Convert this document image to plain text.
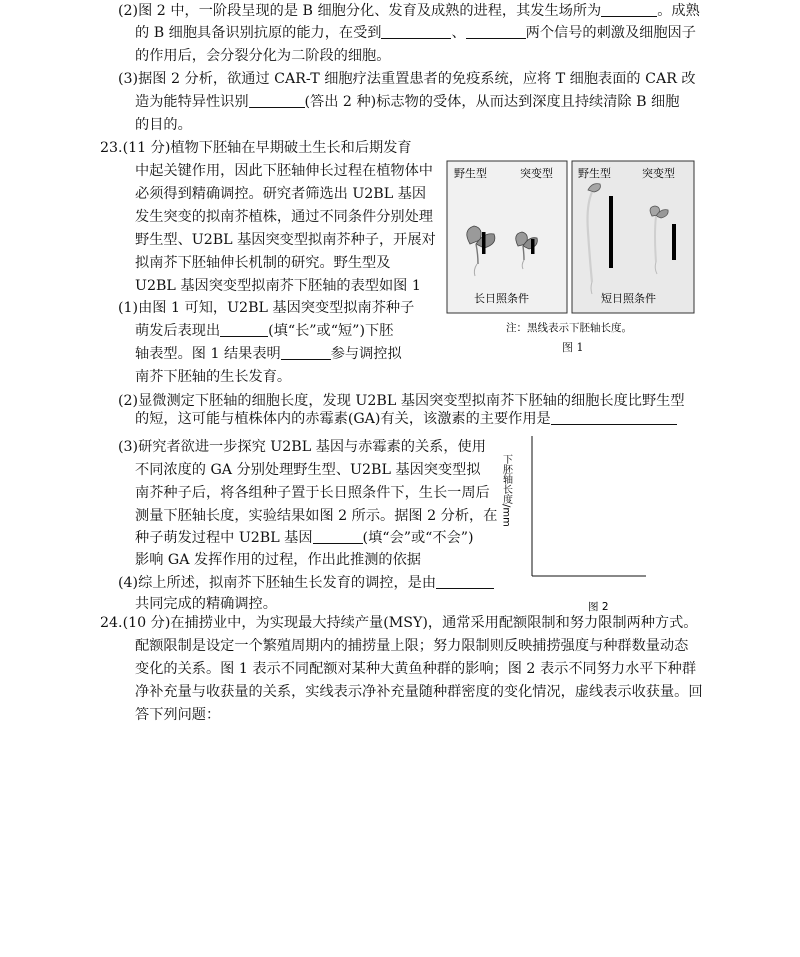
(2)图 2 中，一阶段呈现的是 B 细胞分化、发育及成熟的进程，其发生场所为	。成熟
的 B 细胞具备识别抗原的能力，在受到	、	两个信号的刺激及细胞因子
的作用后，会分裂分化为二阶段的细胞。
(3)据图 2 分析，欲通过 CAR-T 细胞疗法重置患者的免疫系统，应将 T 细胞表面的 CAR 改
造为能特异性识别	(答出 2 种)标志物的受体，从而达到深度且持续清除 B 细胞
的目的。
23.(11 分)植物下胚轴在早期破土生长和后期发育
中起关键作用，因此下胚轴伸长过程在植物体中
必须得到精确调控。研究者筛选出 U2BL 基因
发生突变的拟南芥植株，通过不同条件分别处理
野生型、U2BL 基因突变型拟南芥种子，开展对
拟南芥下胚轴伸长机制的研究。野生型及
U2BL 基因突变型拟南芥下胚轴的表型如图 1
(1)由图 1 可知，U2BL 基因突变型拟南芥种子
萌发后表现出	(填“长”或“短”)下胚
轴表型。图 1 结果表明	参与调控拟
南芥下胚轴的生长发育。
(2)显微测定下胚轴的细胞长度，发现 U2BL 基因突变型拟南芥下胚轴的细胞长度比野生型
的短，这可能与植株体内的赤霉素(GA)有关，该激素的主要作用是
(3)研究者欲进一步探究 U2BL 基因与赤霉素的关系，使用
不同浓度的 GA 分别处理野生型、U2BL 基因突变型拟
南芥种子后，将各组种子置于长日照条件下，生长一周后
测量下胚轴长度，实验结果如图 2 所示。据图 2 分析，在
种子萌发过程中 U2BL 基因	(填“会”或“不会”)
影响 GA 发挥作用的过程，作出此推测的依据
(4)综上所述，拟南芥下胚轴生长发育的调控，是由
共同完成的精确调控。
野生型	突变型 野生型	突变型
长日照条件	短日照条件
注：黑线表示下胚轴长度。
图 1
下胚轴长度/mm
图 2
24.(10 分)在捕捞业中，为实现最大持续产量(MSY)，通常采用配额限制和努力限制两种方式。
配额限制是设定一个繁殖周期内的捕捞量上限；努力限制则反映捕捞强度与种群数量动态
变化的关系。图 1 表示不同配额对某种大黄鱼种群的影响；图 2 表示不同努力水平下种群
净补充量与收获量的关系，实线表示净补充量随种群密度的变化情况，虚线表示收获量。回
答下列问题：
